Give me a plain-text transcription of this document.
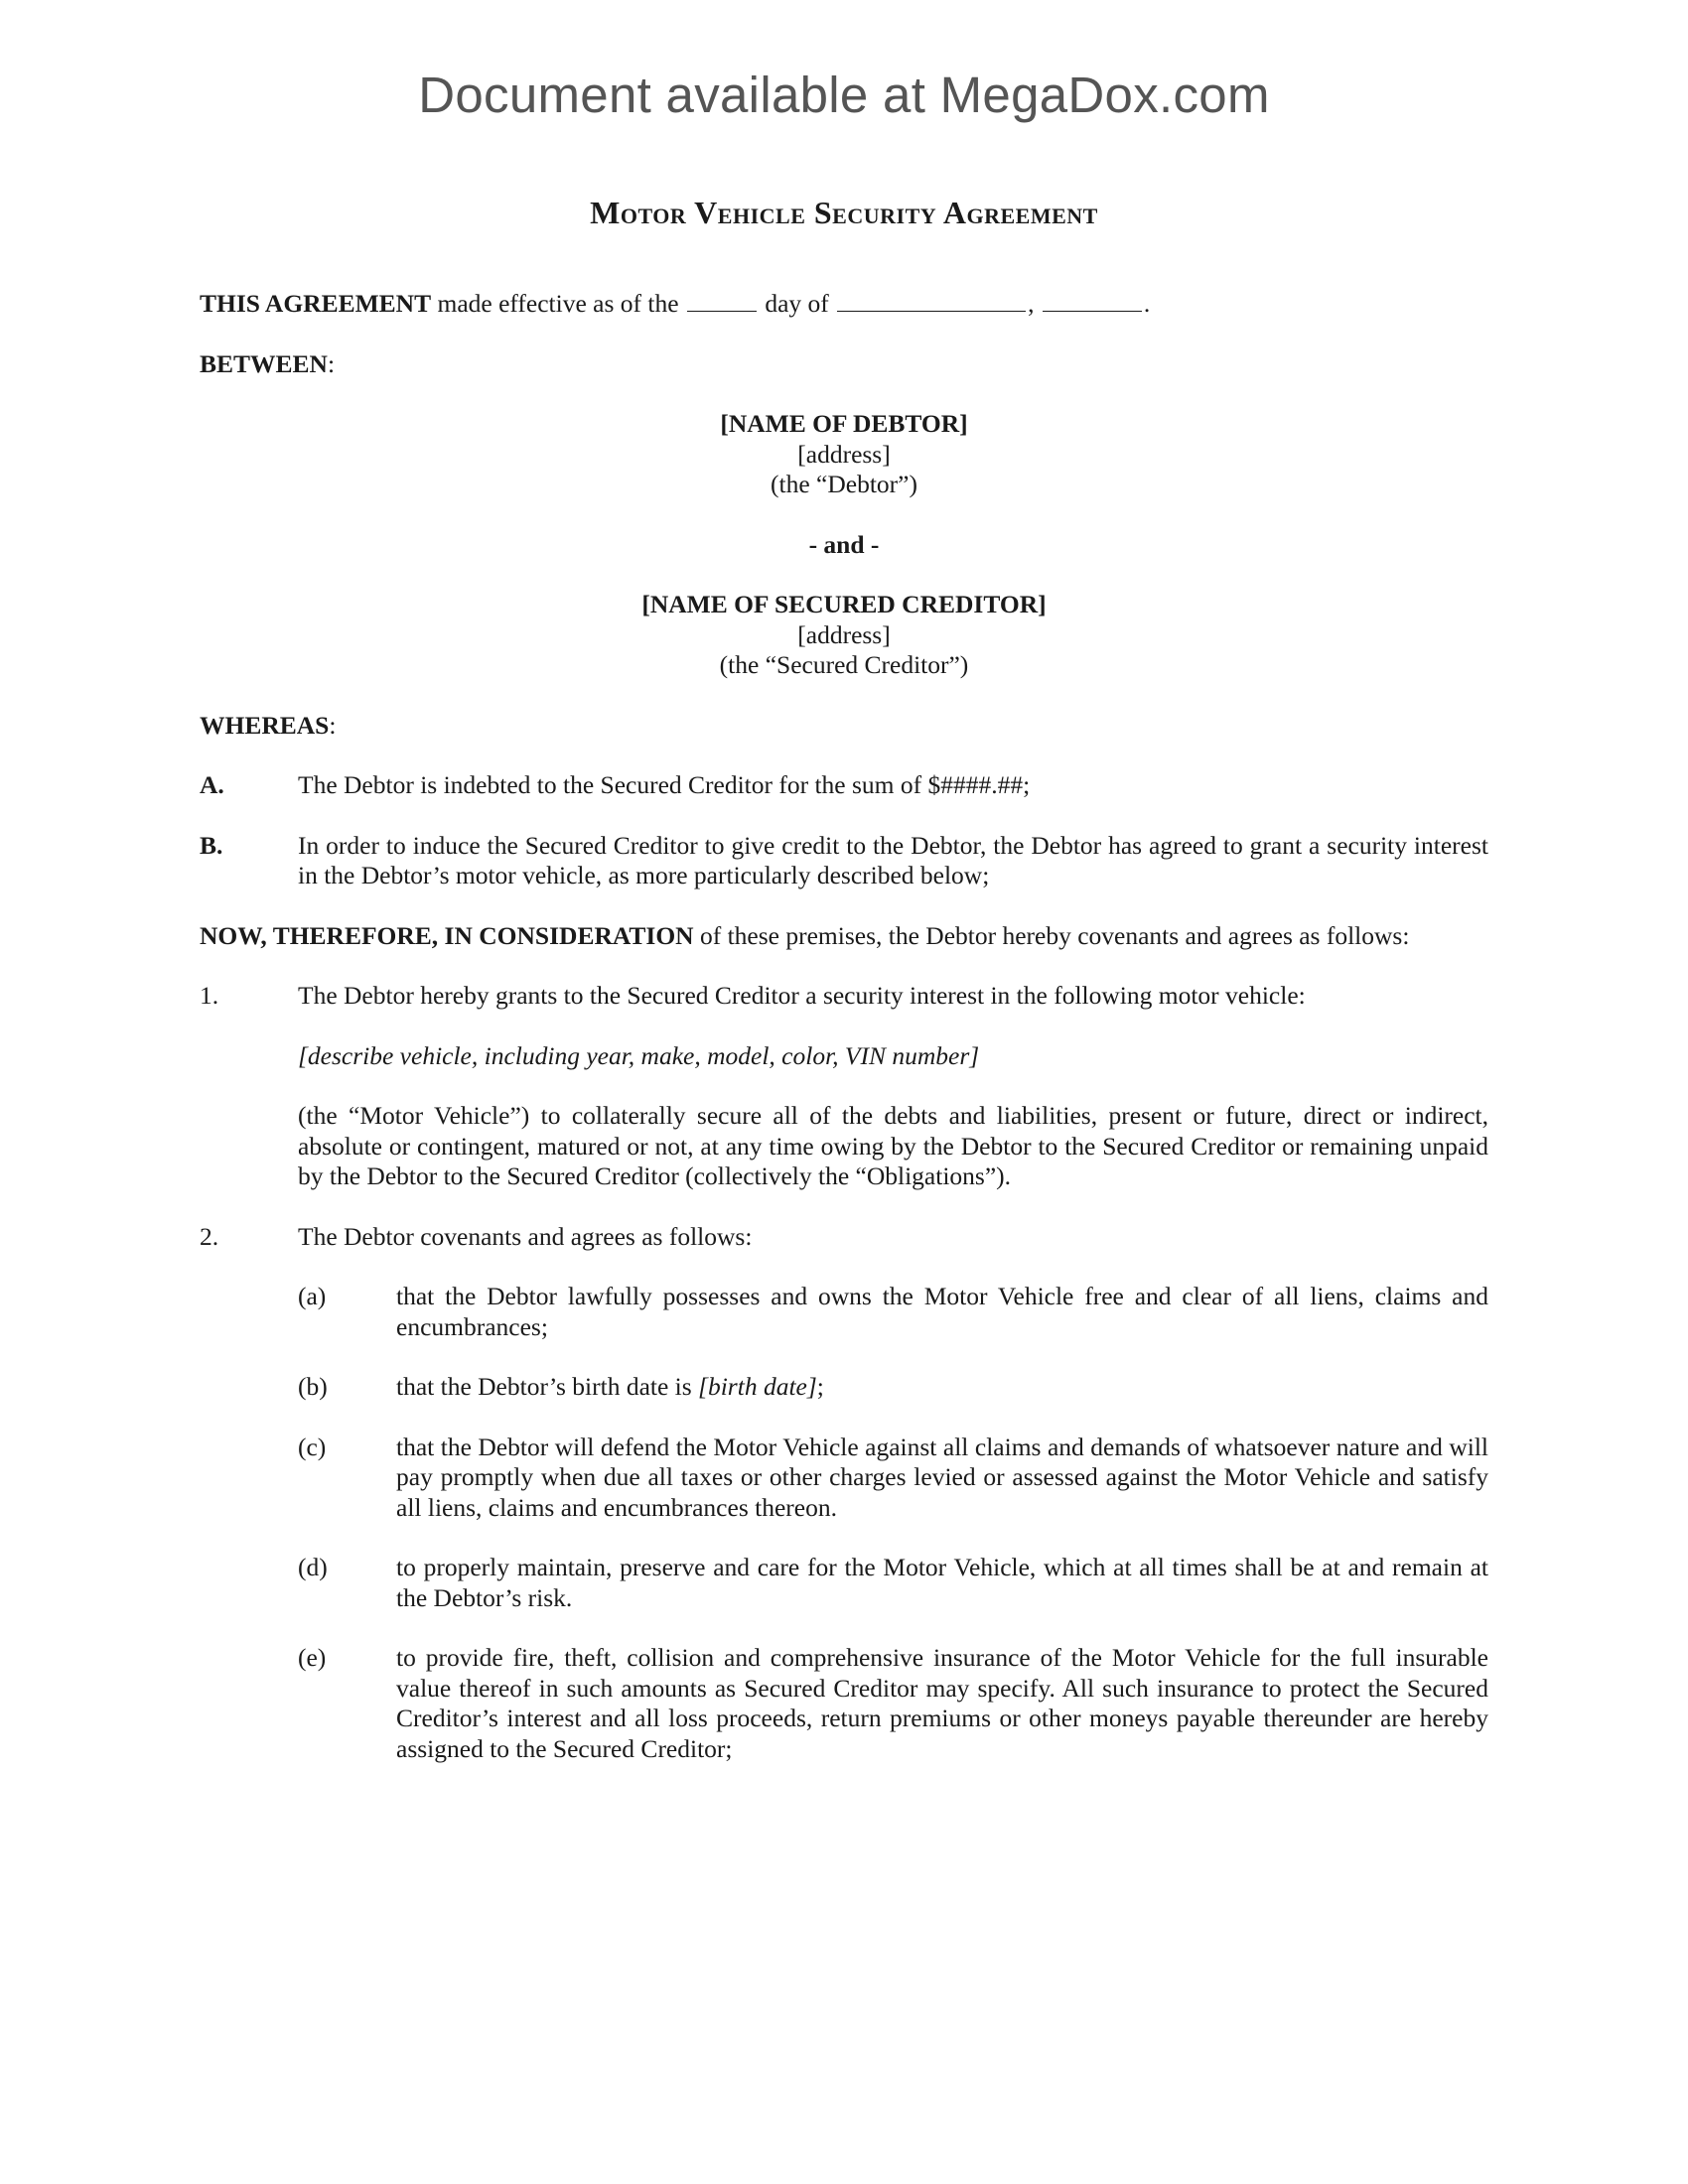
Document available at MegaDox.com
Motor Vehicle Security Agreement

THIS AGREEMENT made effective as of the	day of	,	.

BETWEEN:

[NAME OF DEBTOR]

[address]

(the “Debtor”)

- and -

[NAME OF SECURED CREDITOR]

[address]

(the “Secured Creditor”)

WHEREAS:

A.	The Debtor is indebted to the Secured Creditor for the sum of $####.##;
B.	In order to induce the Secured Creditor to give credit to the Debtor, the Debtor has agreed to grant a security interest in the Debtor’s motor vehicle, as more particularly described below;

NOW, THEREFORE, IN CONSIDERATION of these premises, the Debtor hereby covenants and agrees as follows:

1.	The Debtor hereby grants to the Secured Creditor a security interest in the following motor vehicle:

[describe vehicle, including year, make, model, color, VIN number]

(the “Motor Vehicle”) to collaterally secure all of the debts and liabilities, present or future, direct or indirect, absolute or contingent, matured or not, at any time owing by the Debtor to the Secured Creditor or remaining unpaid by the Debtor to the Secured Creditor (collectively the “Obligations”).

2.	The Debtor covenants and agrees as follows:
(a)	that the Debtor lawfully possesses and owns the Motor Vehicle free and clear of all liens, claims and encumbrances;
(b)	that the Debtor’s birth date is [birth date];
(c)	that the Debtor will defend the Motor Vehicle against all claims and demands of whatsoever nature and will pay promptly when due all taxes or other charges levied or assessed against the Motor Vehicle and satisfy all liens, claims and encumbrances thereon.
(d)	to properly maintain, preserve and care for the Motor Vehicle, which at all times shall be at and remain at the Debtor’s risk.
(e)	to provide fire, theft, collision and comprehensive insurance of the Motor Vehicle for the full insurable value thereof in such amounts as Secured Creditor may specify. All such insurance to protect the Secured Creditor’s interest and all loss proceeds, return premiums or other moneys payable thereunder are hereby assigned to the Secured Creditor;
